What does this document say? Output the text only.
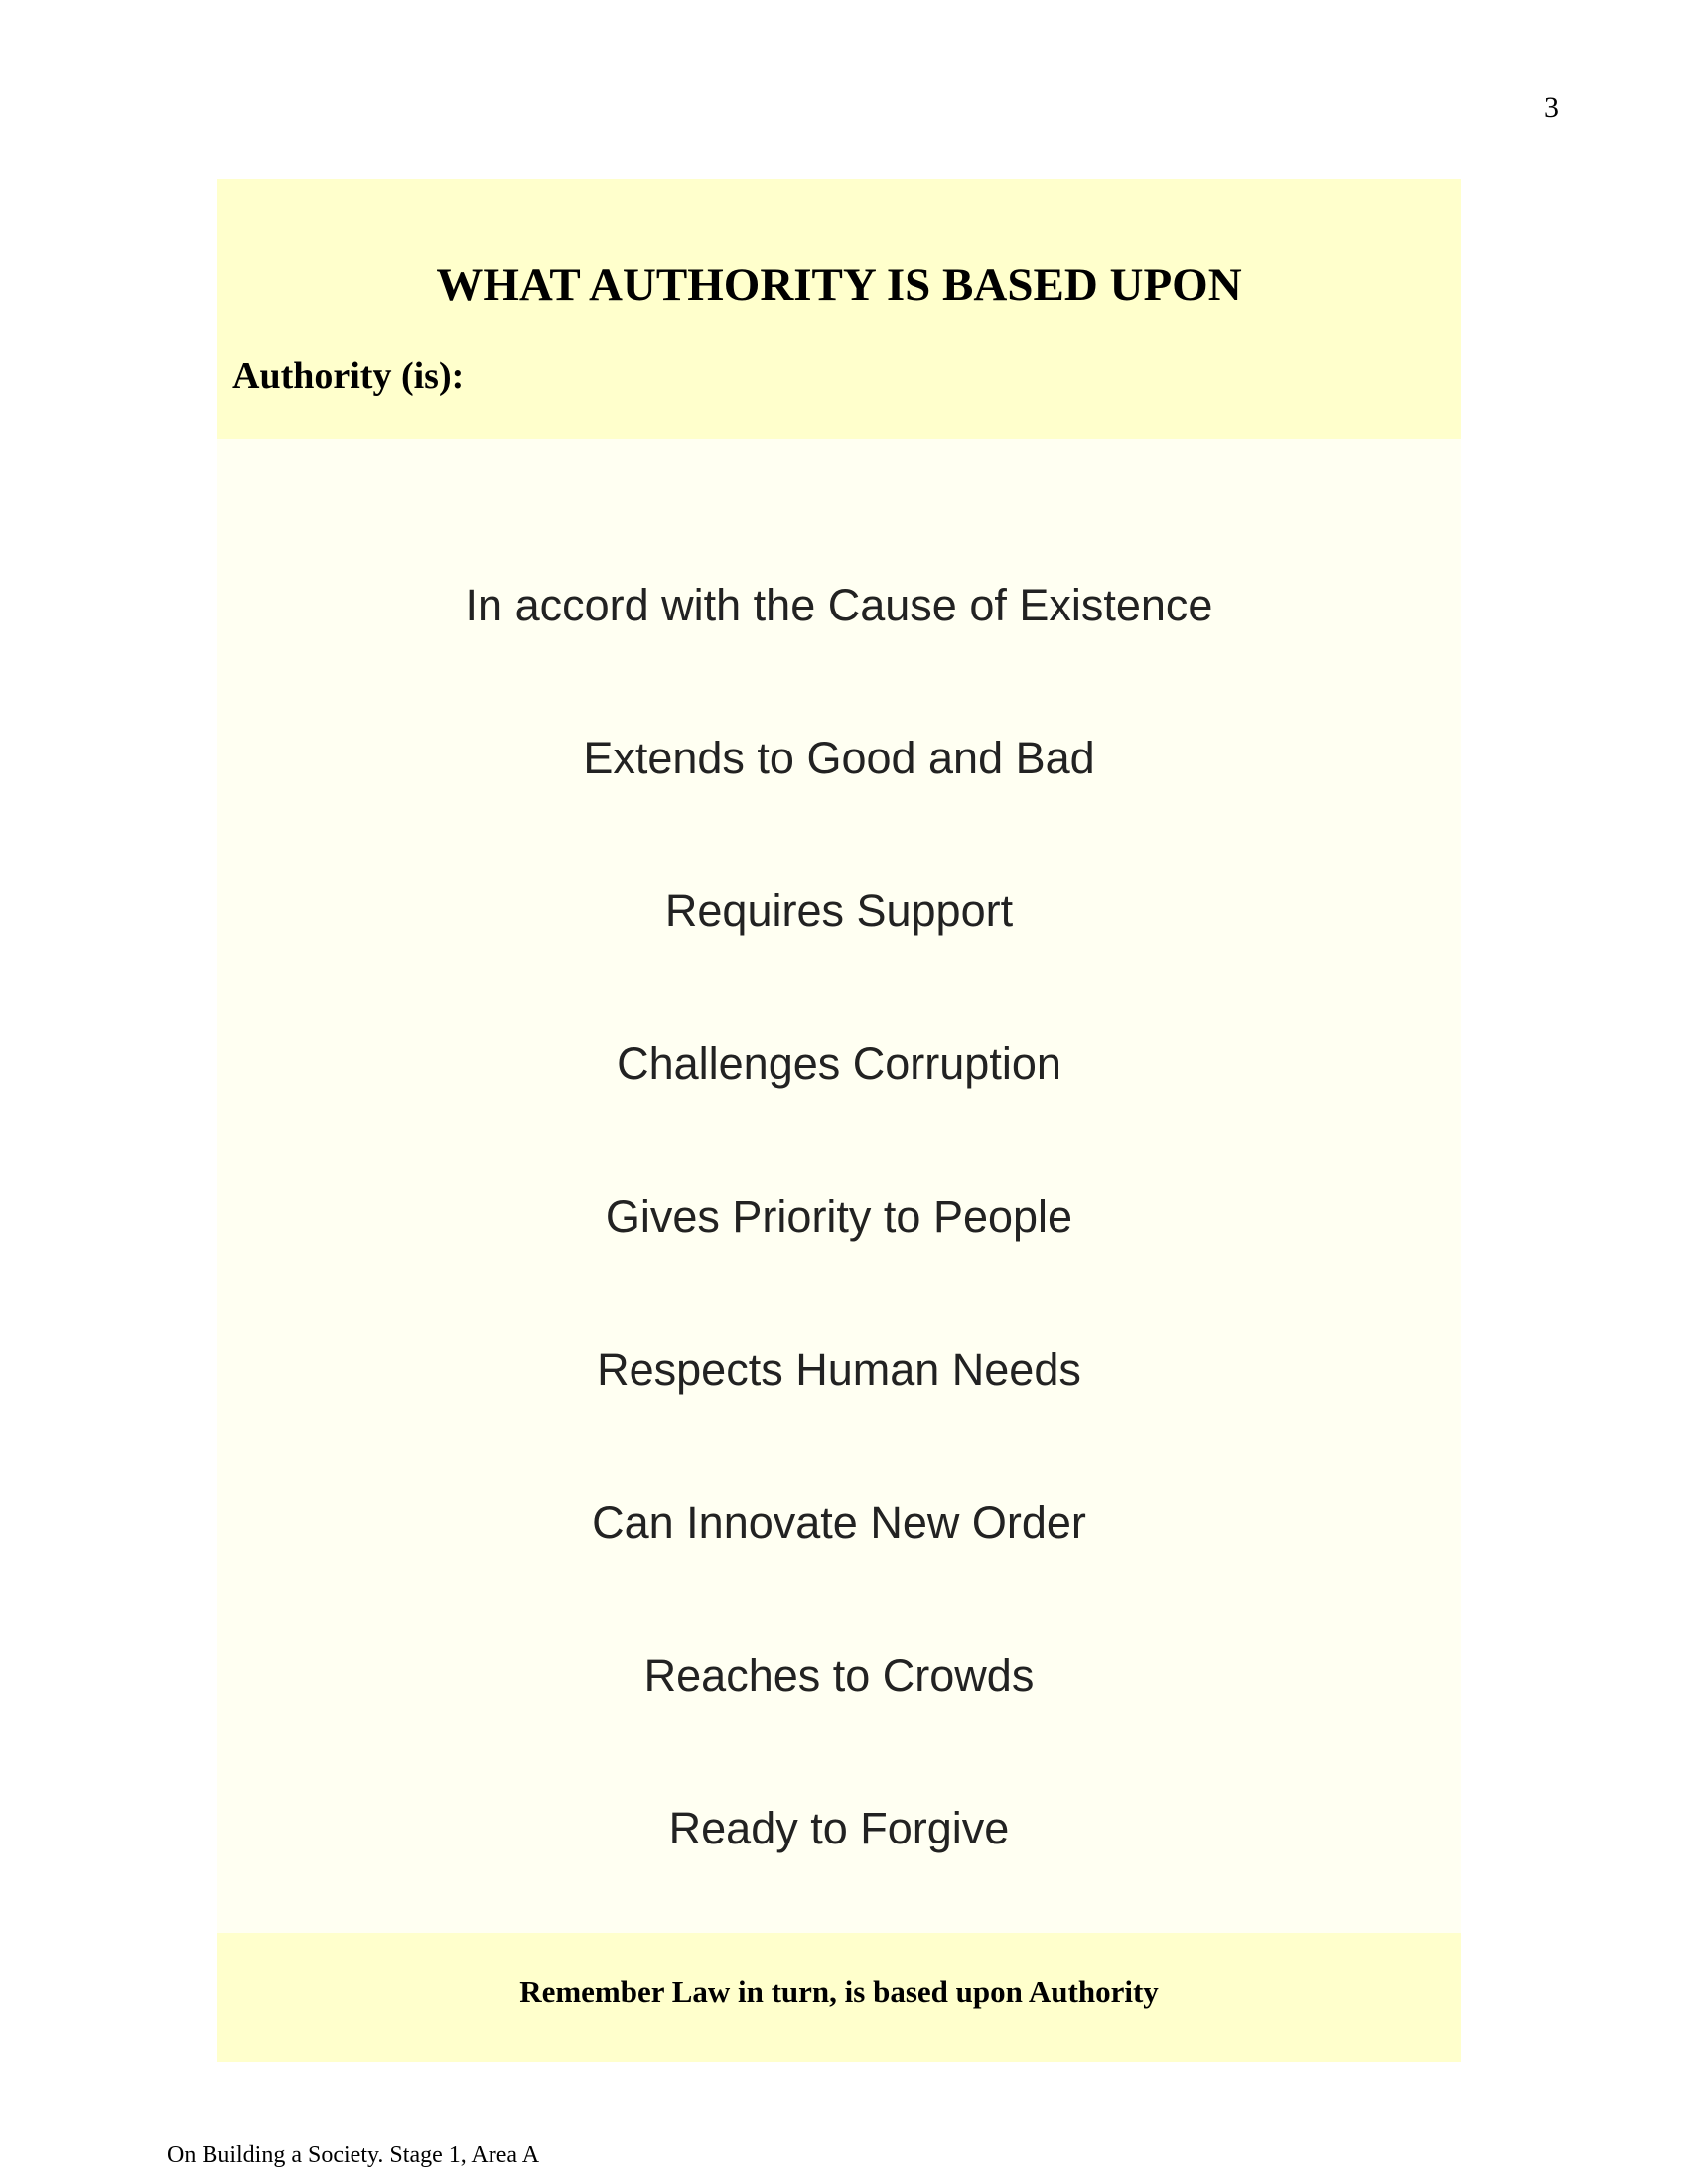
3
WHAT AUTHORITY IS BASED UPON
Authority (is):
In accord with the Cause of Existence
Extends to Good and Bad
Requires Support
Challenges Corruption
Gives Priority to People
Respects Human Needs
Can Innovate New Order
Reaches to Crowds
Ready to Forgive
Remember Law in turn, is based upon Authority
On Building a Society. Stage 1, Area A
